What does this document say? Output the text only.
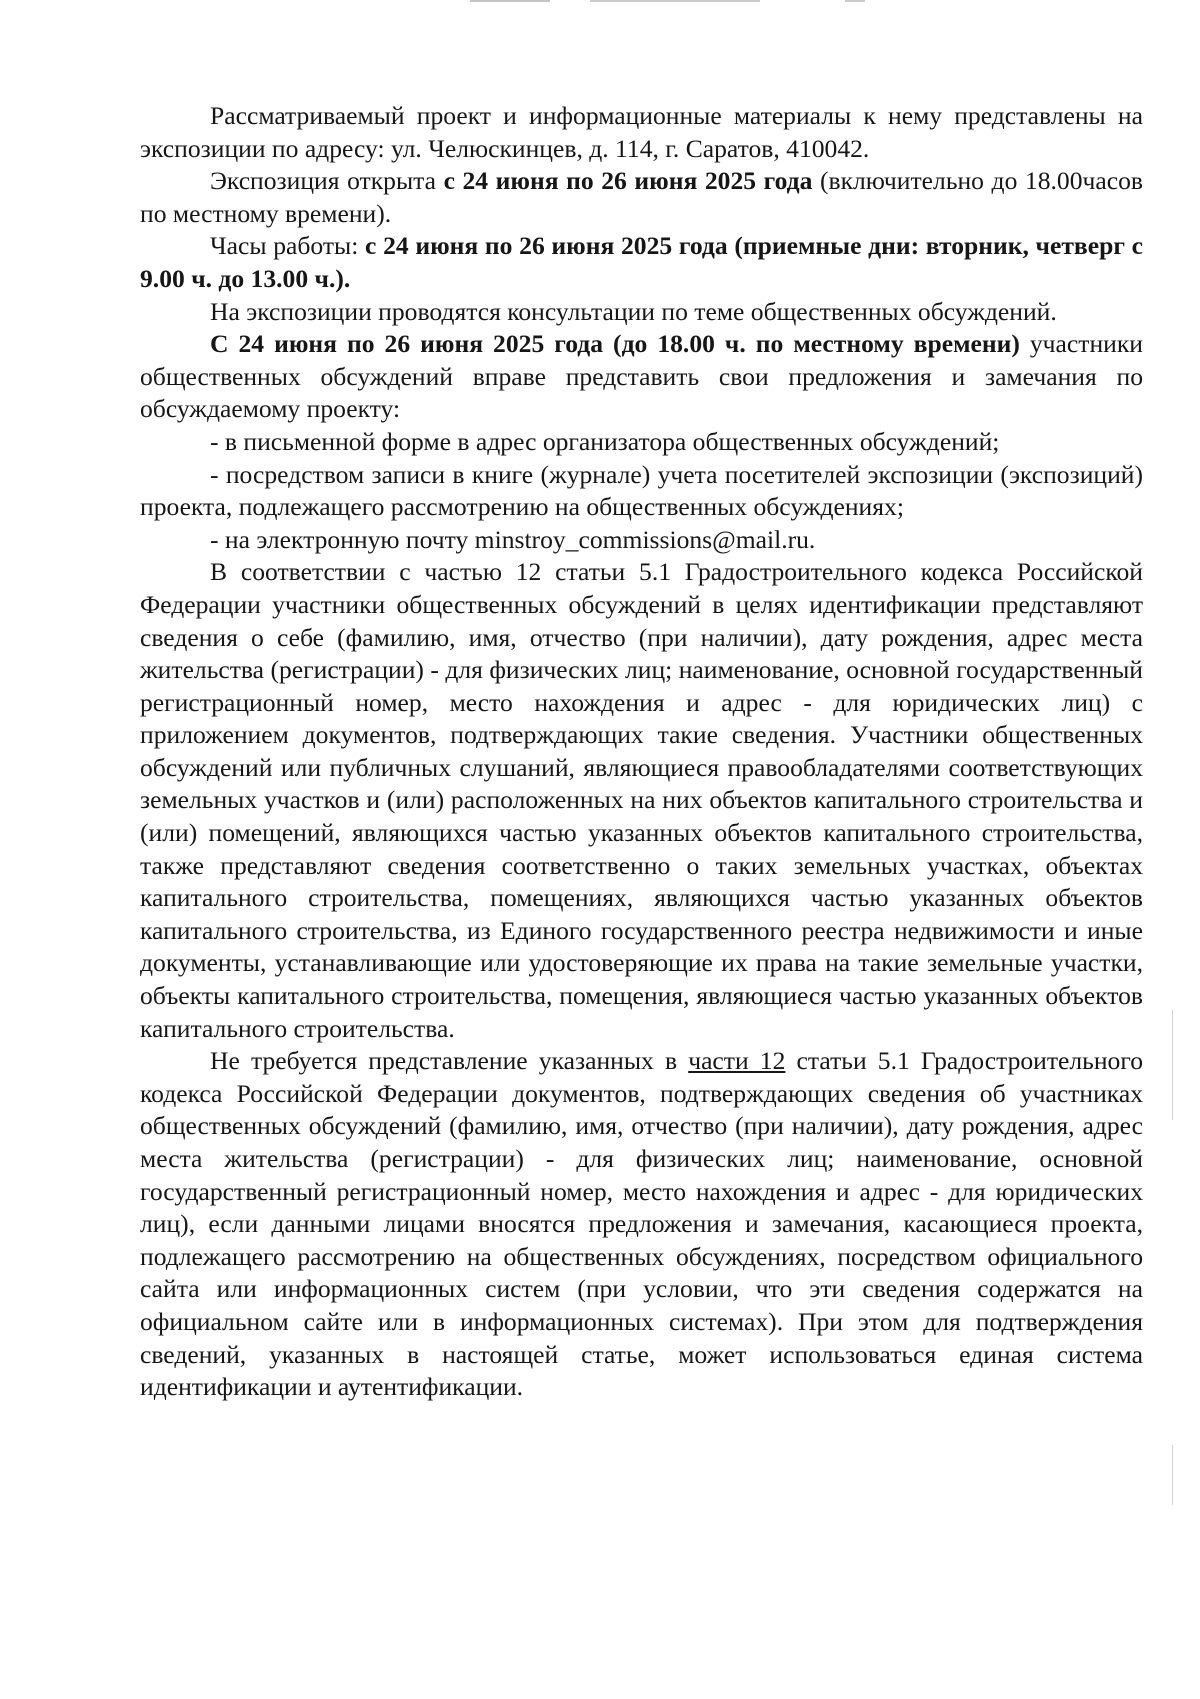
Рассматриваемый проект и информационные материалы к нему представлены на экспозиции по адресу: ул. Челюскинцев, д. 114, г. Саратов, 410042.

Экспозиция открыта с 24 июня по 26 июня 2025 года (включительно до 18.00часов по местному времени).

Часы работы: с 24 июня по 26 июня 2025 года (приемные дни: вторник, четверг с 9.00 ч. до 13.00 ч.).

На экспозиции проводятся консультации по теме общественных обсуждений.

С 24 июня по 26 июня 2025 года (до 18.00 ч. по местному времени) участники общественных обсуждений вправе представить свои предложения и замечания по обсуждаемому проекту:

- в письменной форме в адрес организатора общественных обсуждений;

- посредством записи в книге (журнале) учета посетителей экспозиции (экспозиций) проекта, подлежащего рассмотрению на общественных обсуждениях;

- на электронную почту minstroy_commissions@mail.ru.

В соответствии с частью 12 статьи 5.1 Градостроительного кодекса Российской Федерации участники общественных обсуждений в целях идентификации представляют сведения о себе (фамилию, имя, отчество (при наличии), дату рождения, адрес места жительства (регистрации) - для физических лиц; наименование, основной государственный регистрационный номер, место нахождения и адрес - для юридических лиц) с приложением документов, подтверждающих такие сведения. Участники общественных обсуждений или публичных слушаний, являющиеся правообладателями соответствующих земельных участков и (или) расположенных на них объектов капитального строительства и (или) помещений, являющихся частью указанных объектов капитального строительства, также представляют сведения соответственно о таких земельных участках, объектах капитального строительства, помещениях, являющихся частью указанных объектов капитального строительства, из Единого государственного реестра недвижимости и иные документы, устанавливающие или удостоверяющие их права на такие земельные участки, объекты капитального строительства, помещения, являющиеся частью указанных объектов капитального строительства.

Не требуется представление указанных в части 12 статьи 5.1 Градостроительного кодекса Российской Федерации документов, подтверждающих сведения об участниках общественных обсуждений (фамилию, имя, отчество (при наличии), дату рождения, адрес места жительства (регистрации) - для физических лиц; наименование, основной государственный регистрационный номер, место нахождения и адрес - для юридических лиц), если данными лицами вносятся предложения и замечания, касающиеся проекта, подлежащего рассмотрению на общественных обсуждениях, посредством официального сайта или информационных систем (при условии, что эти сведения содержатся на официальном сайте или в информационных системах). При этом для подтверждения сведений, указанных в настоящей статье, может использоваться единая система идентификации и аутентификации.
